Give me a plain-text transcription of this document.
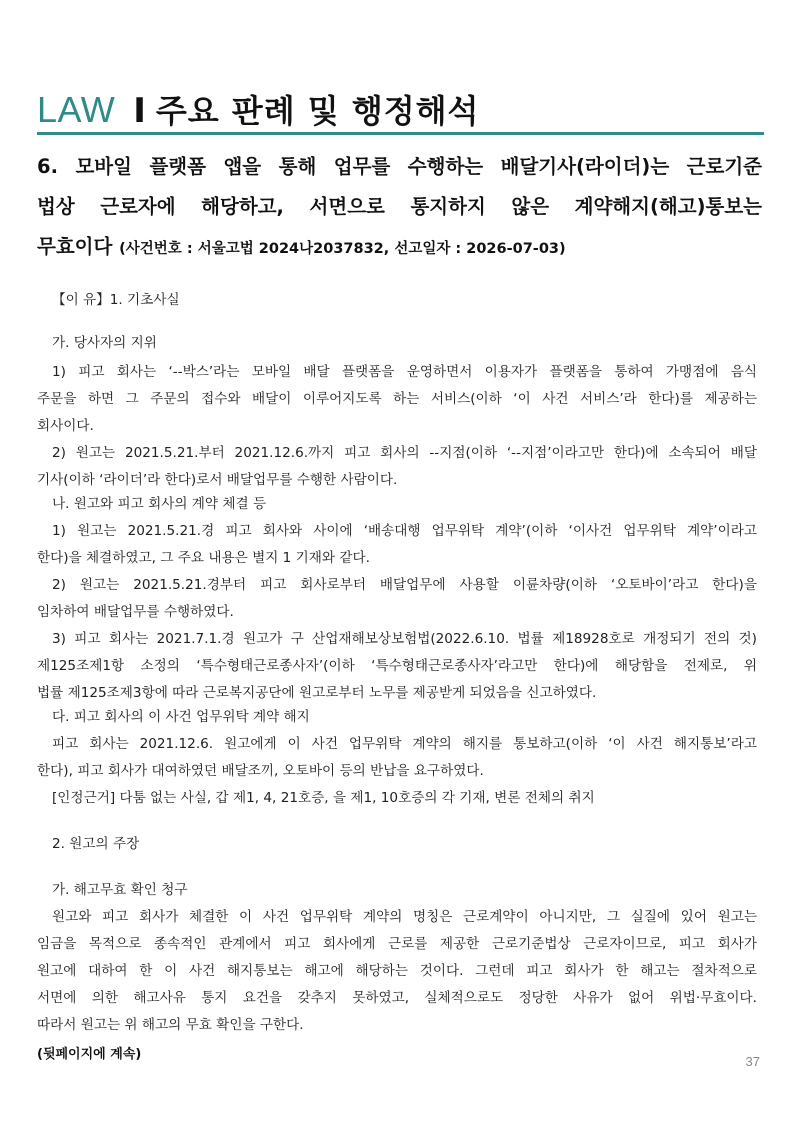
LAW I 주요 판례 및 행정해석
6. 모바일 플랫폼 앱을 통해 업무를 수행하는 배달기사(라이더)는 근로기준
법상 근로자에 해당하고, 서면으로 통지하지 않은 계약해지(해고)통보는
무효이다 (사건번호 : 서울고법 2024나2037832, 선고일자 : 2026-07-03)
【이 유】1. 기초사실
가. 당사자의 지위
1) 피고 회사는 ‘--박스’라는 모바일 배달 플랫폼을 운영하면서 이용자가 플랫폼을 통하여 가맹점에 음식
주문을 하면 그 주문의 접수와 배달이 이루어지도록 하는 서비스(이하 ‘이 사건 서비스’라 한다)를 제공하는
회사이다.
2) 원고는 2021.5.21.부터 2021.12.6.까지 피고 회사의 --지점(이하 ‘--지점’이라고만 한다)에 소속되어 배달
기사(이하 ‘라이더’라 한다)로서 배달업무를 수행한 사람이다.
나. 원고와 피고 회사의 계약 체결 등
1) 원고는 2021.5.21.경 피고 회사와 사이에 ‘배송대행 업무위탁 계약’(이하 ‘이사건 업무위탁 계약’이라고
한다)을 체결하였고, 그 주요 내용은 별지 1 기재와 같다.
2) 원고는 2021.5.21.경부터 피고 회사로부터 배달업무에 사용할 이륜차량(이하 ‘오토바이’라고 한다)을
임차하여 배달업무를 수행하였다.
3) 피고 회사는 2021.7.1.경 원고가 구 산업재해보상보험법(2022.6.10. 법률 제18928호로 개정되기 전의 것)
제125조제1항 소정의 ‘특수형태근로종사자’(이하 ‘특수형태근로종사자’라고만 한다)에 해당함을 전제로, 위
법률 제125조제3항에 따라 근로복지공단에 원고로부터 노무를 제공받게 되었음을 신고하였다.
다. 피고 회사의 이 사건 업무위탁 계약 해지
피고 회사는 2021.12.6. 원고에게 이 사건 업무위탁 계약의 해지를 통보하고(이하 ‘이 사건 해지통보’라고
한다), 피고 회사가 대여하였던 배달조끼, 오토바이 등의 반납을 요구하였다.
[인정근거] 다툼 없는 사실, 갑 제1, 4, 21호증, 을 제1, 10호증의 각 기재, 변론 전체의 취지
2. 원고의 주장
가. 해고무효 확인 청구
원고와 피고 회사가 체결한 이 사건 업무위탁 계약의 명칭은 근로계약이 아니지만, 그 실질에 있어 원고는
임금을 목적으로 종속적인 관계에서 피고 회사에게 근로를 제공한 근로기준법상 근로자이므로, 피고 회사가
원고에 대하여 한 이 사건 해지통보는 해고에 해당하는 것이다. 그런데 피고 회사가 한 해고는 절차적으로
서면에 의한 해고사유 통지 요건을 갖추지 못하였고, 실체적으로도 정당한 사유가 없어 위법·무효이다.
따라서 원고는 위 해고의 무효 확인을 구한다.
(뒷페이지에 계속)	37
